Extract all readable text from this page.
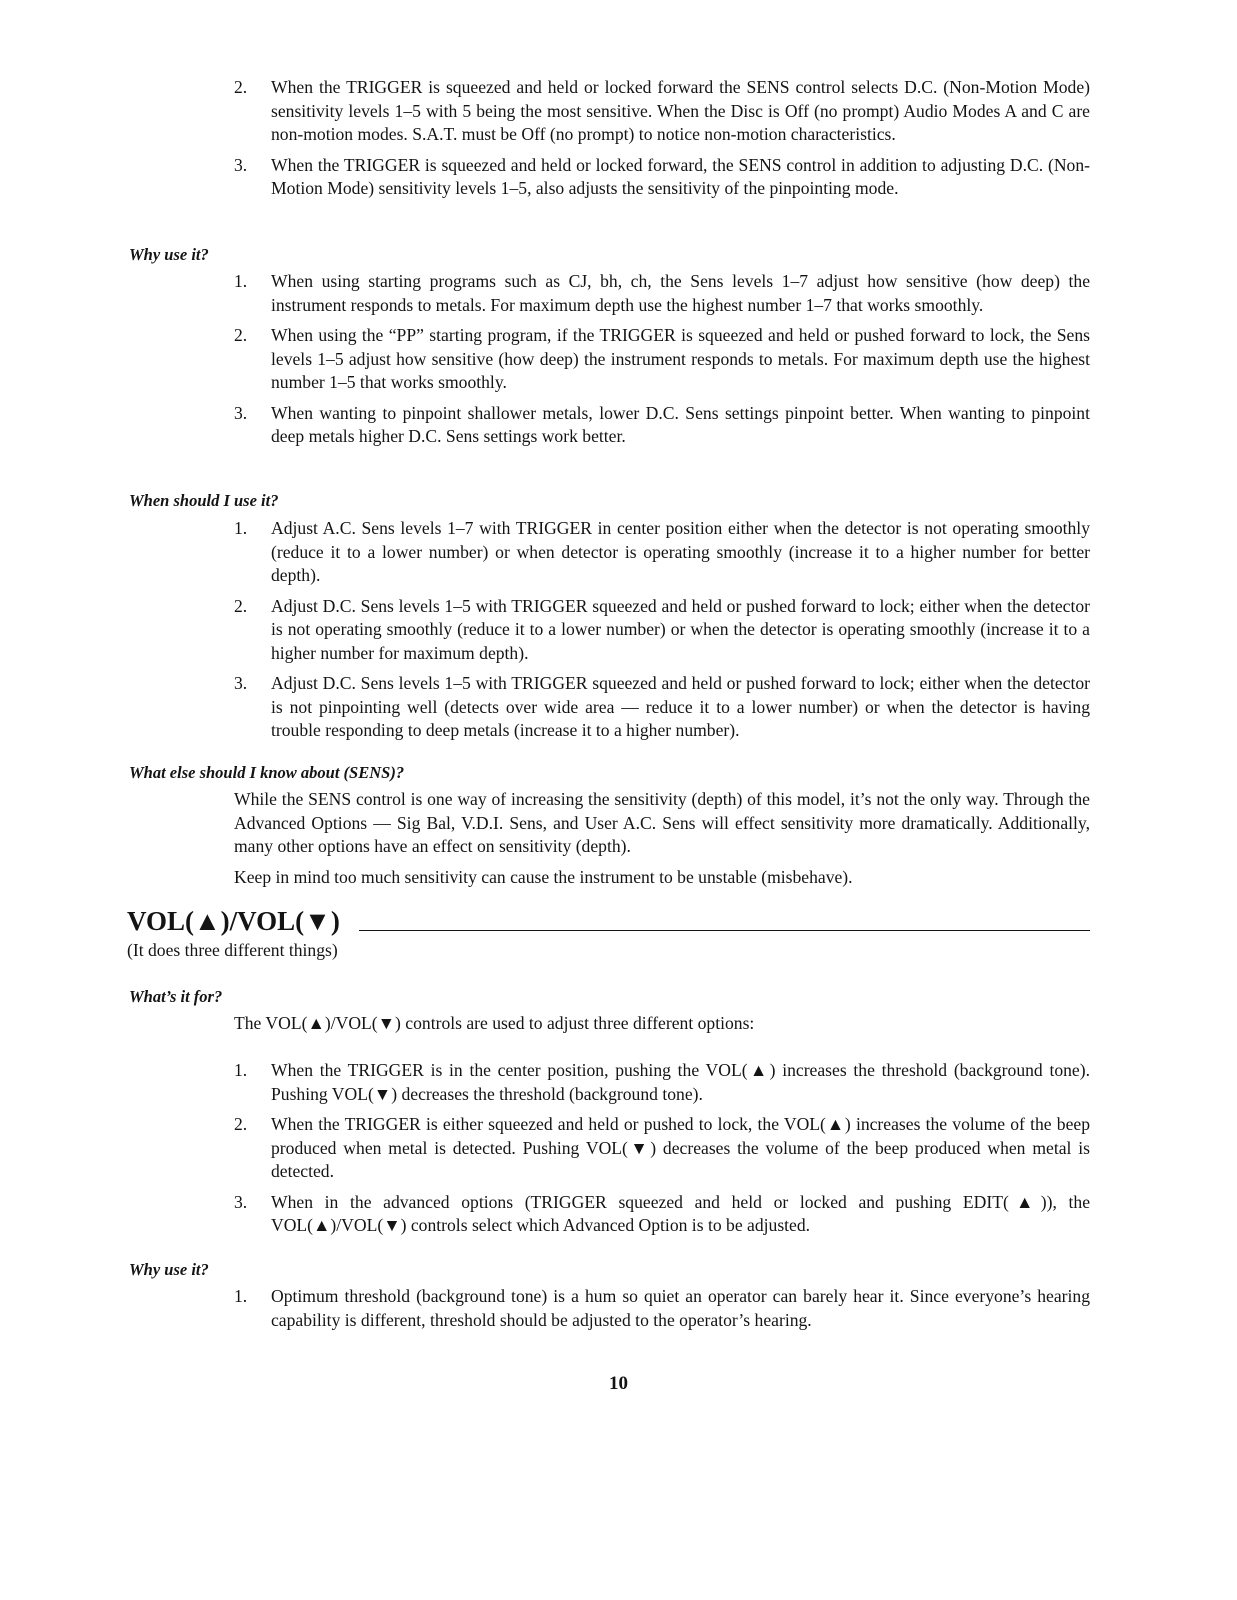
2. When the TRIGGER is squeezed and held or locked forward the SENS control selects D.C. (Non-Motion Mode) sensitivity levels 1–5 with 5 being the most sensitive. When the Disc is Off (no prompt) Audio Modes A and C are non-motion modes. S.A.T. must be Off (no prompt) to notice non-motion characteristics.
3. When the TRIGGER is squeezed and held or locked forward, the SENS control in addition to adjusting D.C. (Non-Motion Mode) sensitivity levels 1–5, also adjusts the sensitivity of the pinpointing mode.
Why use it?
1. When using starting programs such as CJ, bh, ch, the Sens levels 1–7 adjust how sensitive (how deep) the instrument responds to metals. For maximum depth use the highest number 1–7 that works smoothly.
2. When using the “PP” starting program, if the TRIGGER is squeezed and held or pushed forward to lock, the Sens levels 1–5 adjust how sensitive (how deep) the instrument responds to metals. For maximum depth use the highest number 1–5 that works smoothly.
3. When wanting to pinpoint shallower metals, lower D.C. Sens settings pinpoint better. When wanting to pinpoint deep metals higher D.C. Sens settings work better.
When should I use it?
1. Adjust A.C. Sens levels 1–7 with TRIGGER in center position either when the detector is not operating smoothly (reduce it to a lower number) or when detector is operating smoothly (increase it to a higher number for better depth).
2. Adjust D.C. Sens levels 1–5 with TRIGGER squeezed and held or pushed forward to lock; either when the detector is not operating smoothly (reduce it to a lower number) or when the detector is operating smoothly (increase it to a higher number for maximum depth).
3. Adjust D.C. Sens levels 1–5 with TRIGGER squeezed and held or pushed forward to lock; either when the detector is not pinpointing well (detects over wide area — reduce it to a lower number) or when the detector is having trouble responding to deep metals (increase it to a higher number).
What else should I know about (SENS)?

While the SENS control is one way of increasing the sensitivity (depth) of this model, it’s not the only way. Through the Advanced Options — Sig Bal, V.D.I. Sens, and User A.C. Sens will effect sensitivity more dramatically. Additionally, many other options have an effect on sensitivity (depth).

Keep in mind too much sensitivity can cause the instrument to be unstable (misbehave).

VOL(▲)/VOL(▼)
(It does three different things)
What’s it for?

The VOL(▲)/VOL(▼) controls are used to adjust three different options:

1. When the TRIGGER is in the center position, pushing the VOL(▲) increases the threshold (background tone). Pushing VOL(▼) decreases the threshold (background tone).
2. When the TRIGGER is either squeezed and held or pushed to lock, the VOL(▲) increases the volume of the beep produced when metal is detected. Pushing VOL(▼) decreases the volume of the beep produced when metal is detected.
3. When in the advanced options (TRIGGER squeezed and held or locked and pushing EDIT(▲)), the VOL(▲)/VOL(▼) controls select which Advanced Option is to be adjusted.
Why use it?
1. Optimum threshold (background tone) is a hum so quiet an operator can barely hear it. Since everyone’s hearing capability is different, threshold should be adjusted to the operator’s hearing.
10
